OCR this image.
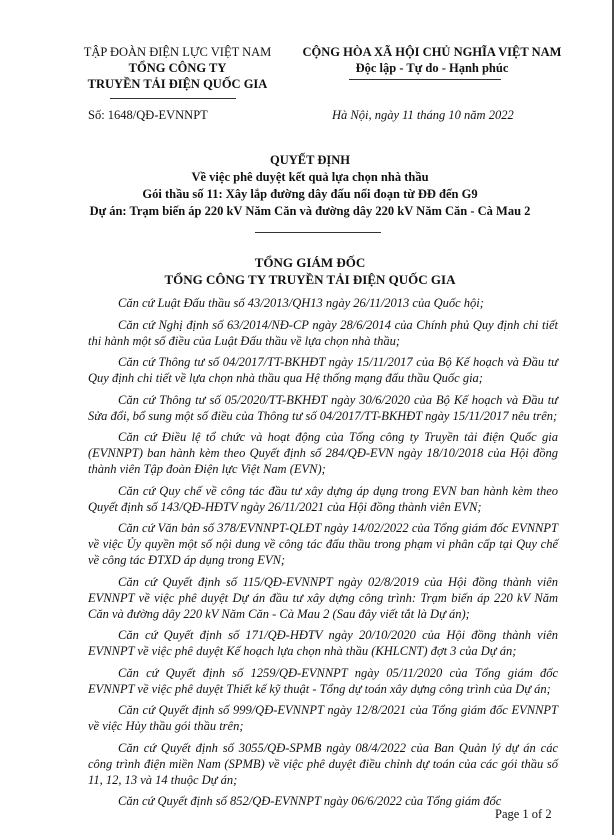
TẬP ĐOÀN ĐIỆN LỰC VIỆT NAM
TỔNG CÔNG TY
TRUYỀN TẢI ĐIỆN QUỐC GIA
CỘNG HÒA XÃ HỘI CHỦ NGHĨA VIỆT NAM
Độc lập - Tự do - Hạnh phúc
Số: 1648/QĐ-EVNNPT	Hà Nội, ngày 11 tháng 10 năm 2022
QUYẾT ĐỊNH
Về việc phê duyệt kết quả lựa chọn nhà thầu
Gói thầu số 11: Xây lắp đường dây đấu nối đoạn từ ĐĐ đến G9
Dự án: Trạm biến áp 220 kV Năm Căn và đường dây 220 kV Năm Căn - Cà Mau 2
TỔNG GIÁM ĐỐC
TỔNG CÔNG TY TRUYỀN TẢI ĐIỆN QUỐC GIA

Căn cứ Luật Đấu thầu số 43/2013/QH13 ngày 26/11/2013 của Quốc hội;

Căn cứ Nghị định số 63/2014/NĐ-CP ngày 28/6/2014 của Chính phủ Quy định chi tiết thi hành một số điều của Luật Đấu thầu về lựa chọn nhà thầu;

Căn cứ Thông tư số 04/2017/TT-BKHĐT ngày 15/11/2017 của Bộ Kế hoạch và Đầu tư Quy định chi tiết về lựa chọn nhà thầu qua Hệ thống mạng đấu thầu Quốc gia;

Căn cứ Thông tư số 05/2020/TT-BKHĐT ngày 30/6/2020 của Bộ Kế hoạch và Đầu tư Sửa đổi, bổ sung một số điều của Thông tư số 04/2017/TT-BKHĐT ngày 15/11/2017 nêu trên;

Căn cứ Điều lệ tổ chức và hoạt động của Tổng công ty Truyền tải điện Quốc gia (EVNNPT) ban hành kèm theo Quyết định số 284/QĐ-EVN ngày 18/10/2018 của Hội đồng thành viên Tập đoàn Điện lực Việt Nam (EVN);

Căn cứ Quy chế về công tác đầu tư xây dựng áp dụng trong EVN ban hành kèm theo Quyết định số 143/QĐ-HĐTV ngày 26/11/2021 của Hội đồng thành viên EVN;

Căn cứ Văn bản số 378/EVNNPT-QLĐT ngày 14/02/2022 của Tổng giám đốc EVNNPT về việc Ủy quyền một số nội dung về công tác đấu thầu trong phạm vi phân cấp tại Quy chế về công tác ĐTXD áp dụng trong EVN;

Căn cứ Quyết định số 115/QĐ-EVNNPT ngày 02/8/2019 của Hội đồng thành viên EVNNPT về việc phê duyệt Dự án đầu tư xây dựng công trình: Trạm biến áp 220 kV Năm Căn và đường dây 220 kV Năm Căn - Cà Mau 2 (Sau đây viết tắt là Dự án);

Căn cứ Quyết định số 171/QĐ-HĐTV ngày 20/10/2020 của Hội đồng thành viên EVNNPT về việc phê duyệt Kế hoạch lựa chọn nhà thầu (KHLCNT) đợt 3 của Dự án;

Căn cứ Quyết định số 1259/QĐ-EVNNPT ngày 05/11/2020 của Tổng giám đốc EVNNPT về việc phê duyệt Thiết kế kỹ thuật - Tổng dự toán xây dựng công trình của Dự án;

Căn cứ Quyết định số 999/QĐ-EVNNPT ngày 12/8/2021 của Tổng giám đốc EVNNPT về việc Hủy thầu gói thầu trên;

Căn cứ Quyết định số 3055/QĐ-SPMB ngày 08/4/2022 của Ban Quản lý dự án các công trình điện miền Nam (SPMB) về việc phê duyệt điều chỉnh dự toán của các gói thầu số 11, 12, 13 và 14 thuộc Dự án;

Căn cứ Quyết định số 852/QĐ-EVNNPT ngày 06/6/2022 của Tổng giám đốc

Page 1 of 2
